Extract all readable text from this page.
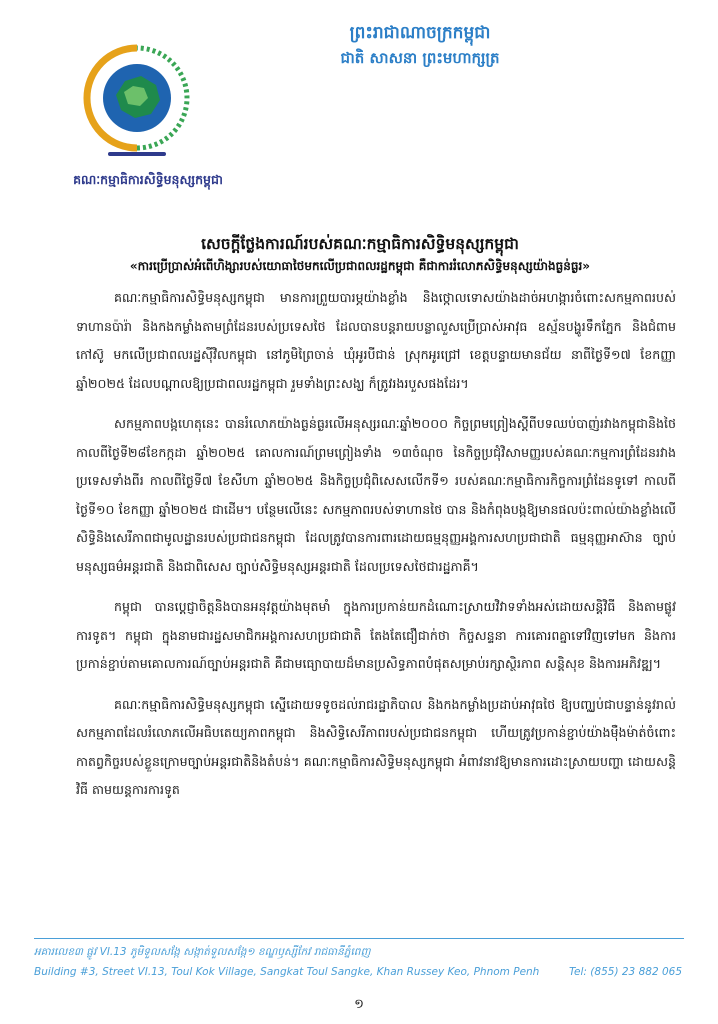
គណៈកម្មាធិការសិទ្ធិមនុស្សកម្ពុជា
ព្រះរាជាណាចក្រកម្ពុជា
ជាតិ សាសនា ព្រះមហាក្សត្រ
សេចក្ដីថ្លែងការណ៍របស់គណៈកម្មាធិការសិទ្ធិមនុស្សកម្ពុជា
«ការប្រើប្រាស់អំពើហិង្សារបស់យោធាថៃមកលើប្រជាពលរដ្ឋកម្ពុជា គឺជាការរំលោភសិទ្ធិមនុស្សយ៉ាងធ្ងន់ធ្ងរ»

គណៈកម្មាធិការសិទ្ធិមនុស្សកម្ពុជា មានការព្រួយបារម្ភយ៉ាងខ្លាំង និងថ្កោលទោសយ៉ាងដាច់អហង្ការចំពោះសកម្មភាពរបស់ទាហានប៉ារ៉ា និងកងកម្លាំងតាមព្រំដែនរបស់ប្រទេសថៃ ដែលបានបន្តរាយបន្លាលួសប្រើប្រាស់អាវុធ ឧស្ម័នបង្ហូរទឹកភ្នែក និងជំពាមកៅស៊ូ មកលើប្រជាពលរដ្ឋស៊ីវិលកម្ពុជា នៅភូមិព្រៃចាន់ ឃុំអូរបីជាន់ ស្រុកអូរជ្រៅ ខេត្តបន្ទាយមានជ័យ នាពីថ្ងៃទី១៧ ខែកញ្ញា ឆ្នាំ២០២៥ ដែលបណ្ដាលឱ្យប្រជាពលរដ្ឋកម្ពុជា រួមទាំងព្រះសង្ឃ ក៏ត្រូវរងរបួសផងដែរ។

សកម្មភាពបង្កហេតុនេះ បានរំលោភយ៉ាងធ្ងន់ធ្ងរលើអនុស្សរណៈឆ្នាំ២០០០ កិច្ចព្រមព្រៀងស្ដីពីបទឈប់បាញ់រវាងកម្ពុជានិងថៃ កាលពីថ្ងៃទី២៨ខែកក្កដា ឆ្នាំ២០២៥ គោលការណ៍ព្រមព្រៀងទាំង ១៣ចំណុច នៃកិច្ចប្រជុំវិសាមញ្ញរបស់គណៈកម្មការព្រំដែនរវាងប្រទេសទាំងពីរ កាលពីថ្ងៃទី៧ ខែសីហា ឆ្នាំ២០២៥ និងកិច្ចប្រជុំពិសេសលើកទី១ របស់គណៈកម្មាធិការកិច្ចការព្រំដែនទូទៅ កាលពីថ្ងៃទី១០ ខែកញ្ញា ឆ្នាំ២០២៥ ជាដើម។ បន្ថែមលើនេះ សកម្មភាពរបស់ទាហានថៃ បាន និងកំពុងបង្កឱ្យមានផលប៉ះពាល់យ៉ាងខ្លាំងលើសិទ្ធិនិងសេរីភាពជាមូលដ្ឋានរបស់ប្រជាជនកម្ពុជា ដែលត្រូវបានការពារដោយធម្មនុញ្ញអង្គការសហប្រជាជាតិ ធម្មនុញ្ញអាស៊ាន ច្បាប់មនុស្សធម៌អន្តរជាតិ និងជាពិសេស ច្បាប់សិទ្ធិមនុស្សអន្តរជាតិ ដែលប្រទេសថៃជារដ្ឋភាគី។

កម្ពុជា បានប្ដេជ្ញាចិត្តនិងបានអនុវត្តយ៉ាងមុតមាំ ក្នុងការប្រកាន់យកដំណោះស្រាយវិវាទទាំងអស់ដោយសន្តិវិធី និងតាមផ្លូវការទូត។ កម្ពុជា ក្នុងនាមជារដ្ឋសមាជិកអង្គការសហប្រជាជាតិ តែងតែជឿជាក់ថា កិច្ចសន្ទនា ការគោរពគ្នាទៅវិញទៅមក និងការប្រកាន់ខ្ជាប់តាមគោលការណ៍ច្បាប់អន្តរជាតិ គឺជាមធ្យោបាយដ៏មានប្រសិទ្ធភាពបំផុតសម្រាប់រក្សាស្ថិរភាព សន្តិសុខ និងការអភិវឌ្ឍ។

គណៈកម្មាធិការសិទ្ធិមនុស្សកម្ពុជា ស្នើដោយទទូចដល់រាជរដ្ឋាភិបាល និងកងកម្លាំងប្រដាប់អាវុធថៃ ឱ្យបញ្ឈប់ជាបន្ទាន់នូវរាល់សកម្មភាពដែលរំលោភលើអធិបតេយ្យភាពកម្ពុជា និងសិទ្ធិសេរីភាពរបស់ប្រជាជនកម្ពុជា ហើយត្រូវប្រកាន់ខ្ជាប់យ៉ាងម៉ឺងម៉ាត់ចំពោះកាតព្វកិច្ចរបស់ខ្លួនក្រោមច្បាប់អន្តរជាតិនិងតំបន់។ គណៈកម្មាធិការសិទ្ធិមនុស្សកម្ពុជា អំពាវនាវឱ្យមានការដោះស្រាយបញ្ហា ដោយសន្តិវិធី តាមយន្តការការទូត

អគារលេខ៣ ផ្លូវ VI.13 ភូមិទួលសង្កែ សង្កាត់ទួលសង្កែ១ ខណ្ឌឫស្សីកែវ រាជធានីភ្នំពេញ
Building #3, Street VI.13, Toul Kok Village, Sangkat Toul Sangke, Khan Russey Keo, Phnom Penh	Tel: (855) 23 882 065
១
